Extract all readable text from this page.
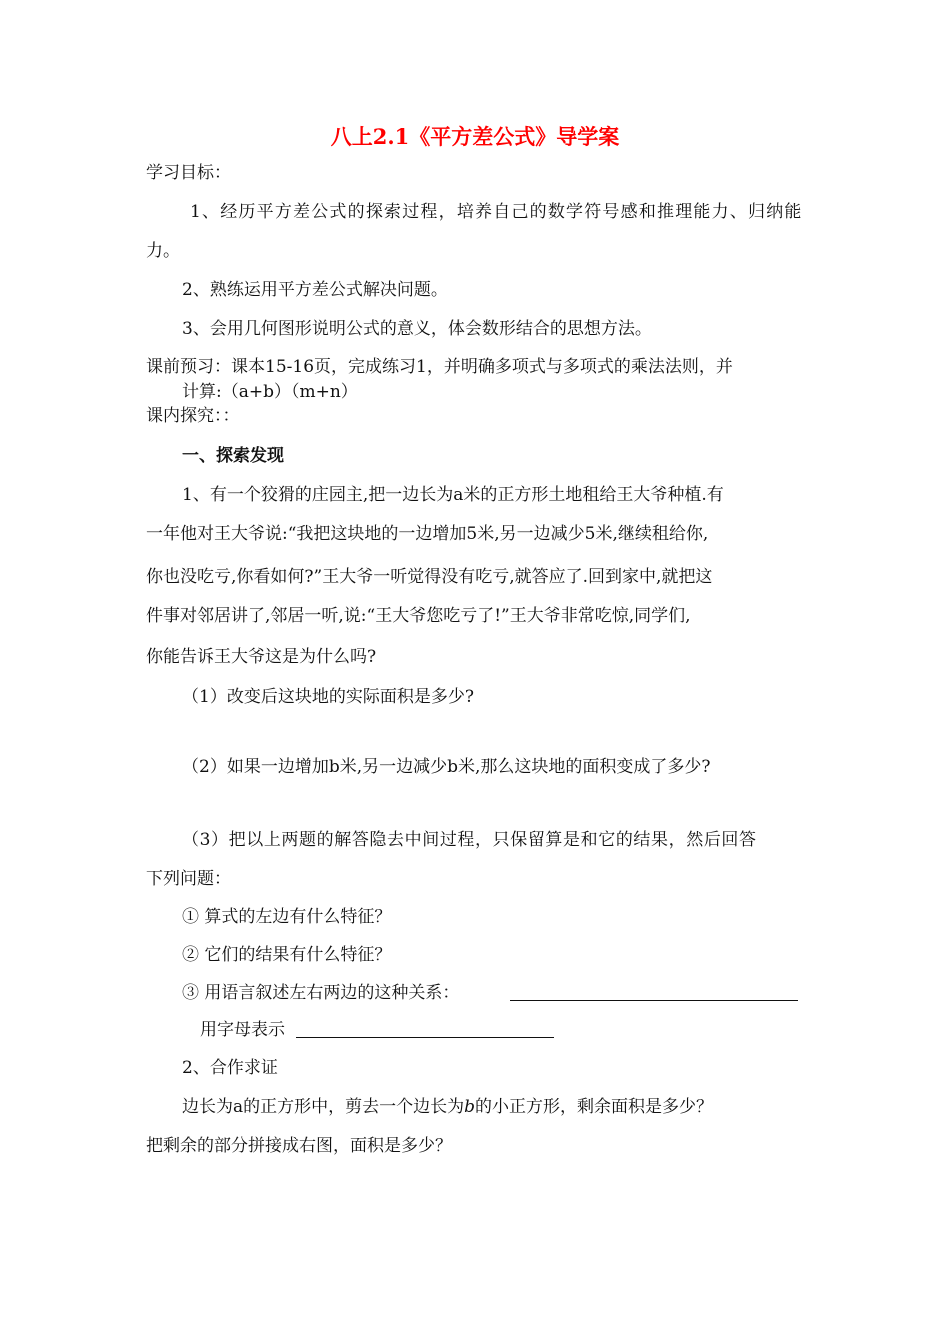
八上2.1《平方差公式》导学案
学习目标：
1、经历平方差公式的探索过程，培养自己的数学符号感和推理能力、归纳能
力。
2、熟练运用平方差公式解决问题。
3、会用几何图形说明公式的意义，体会数形结合的思想方法。
课前预习：课本15-16页，完成练习1，并明确多项式与多项式的乘法法则，并
计算:（a+b）（m+n）
课内探究：：
一、探索发现
1、有一个狡猾的庄园主,把一边长为a米的正方形土地租给王大爷种植.有
一年他对王大爷说:“我把这块地的一边增加5米,另一边减少5米,继续租给你,
你也没吃亏,你看如何?”王大爷一听觉得没有吃亏,就答应了.回到家中,就把这
件事对邻居讲了,邻居一听,说:“王大爷您吃亏了!”王大爷非常吃惊,同学们,
你能告诉王大爷这是为什么吗?
（1）改变后这块地的实际面积是多少?
（2）如果一边增加b米,另一边减少b米,那么这块地的面积变成了多少?
（3）把以上两题的解答隐去中间过程，只保留算是和它的结果，然后回答
下列问题：
① 算式的左边有什么特征？
② 它们的结果有什么特征？
③ 用语言叙述左右两边的这种关系：
用字母表示
2、合作求证
边长为a的正方形中，剪去一个边长为b的小正方形，剩余面积是多少？
把剩余的部分拼接成右图，面积是多少？
